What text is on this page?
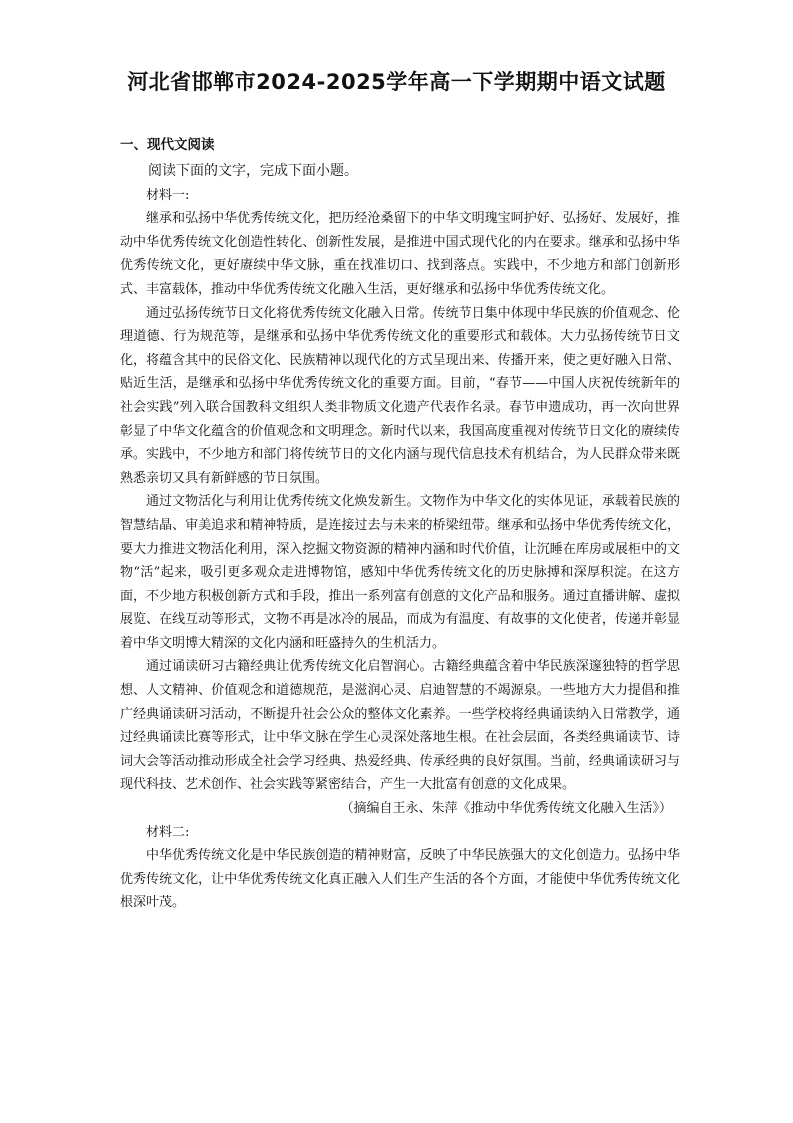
河北省邯郸市2024-2025学年高一下学期期中语文试题
一、现代文阅读

阅读下面的文字，完成下面小题。

材料一:

继承和弘扬中华优秀传统文化，把历经沧桑留下的中华文明瑰宝呵护好、弘扬好、发展好，推动中华优秀传统文化创造性转化、创新性发展，是推进中国式现代化的内在要求。继承和弘扬中华优秀传统文化，更好赓续中华文脉，重在找准切口、找到落点。实践中，不少地方和部门创新形式、丰富载体，推动中华优秀传统文化融入生活，更好继承和弘扬中华优秀传统文化。

通过弘扬传统节日文化将优秀传统文化融入日常。传统节日集中体现中华民族的价值观念、伦理道德、行为规范等，是继承和弘扬中华优秀传统文化的重要形式和载体。大力弘扬传统节日文化，将蕴含其中的民俗文化、民族精神以现代化的方式呈现出来、传播开来，使之更好融入日常、贴近生活，是继承和弘扬中华优秀传统文化的重要方面。目前，“春节——中国人庆祝传统新年的社会实践”列入联合国教科文组织人类非物质文化遗产代表作名录。春节申遗成功，再一次向世界彰显了中华文化蕴含的价值观念和文明理念。新时代以来，我国高度重视对传统节日文化的赓续传承。实践中，不少地方和部门将传统节日的文化内涵与现代信息技术有机结合，为人民群众带来既熟悉亲切又具有新鲜感的节日氛围。

通过文物活化与利用让优秀传统文化焕发新生。文物作为中华文化的实体见证，承载着民族的智慧结晶、审美追求和精神特质，是连接过去与未来的桥梁纽带。继承和弘扬中华优秀传统文化，要大力推进文物活化利用，深入挖掘文物资源的精神内涵和时代价值，让沉睡在库房或展柜中的文物“活”起来，吸引更多观众走进博物馆，感知中华优秀传统文化的历史脉搏和深厚积淀。在这方面，不少地方积极创新方式和手段，推出一系列富有创意的文化产品和服务。通过直播讲解、虚拟展览、在线互动等形式，文物不再是冰冷的展品，而成为有温度、有故事的文化使者，传递并彰显着中华文明博大精深的文化内涵和旺盛持久的生机活力。

通过诵读研习古籍经典让优秀传统文化启智润心。古籍经典蕴含着中华民族深邃独特的哲学思想、人文精神、价值观念和道德规范，是滋润心灵、启迪智慧的不竭源泉。一些地方大力提倡和推广经典诵读研习活动，不断提升社会公众的整体文化素养。一些学校将经典诵读纳入日常教学，通过经典诵读比赛等形式，让中华文脉在学生心灵深处落地生根。在社会层面，各类经典诵读节、诗词大会等活动推动形成全社会学习经典、热爱经典、传承经典的良好氛围。当前，经典诵读研习与现代科技、艺术创作、社会实践等紧密结合，产生一大批富有创意的文化成果。

（摘编自王永、朱萍《推动中华优秀传统文化融入生活》）

材料二:

中华优秀传统文化是中华民族创造的精神财富，反映了中华民族强大的文化创造力。弘扬中华优秀传统文化，让中华优秀传统文化真正融入人们生产生活的各个方面，才能使中华优秀传统文化根深叶茂。
